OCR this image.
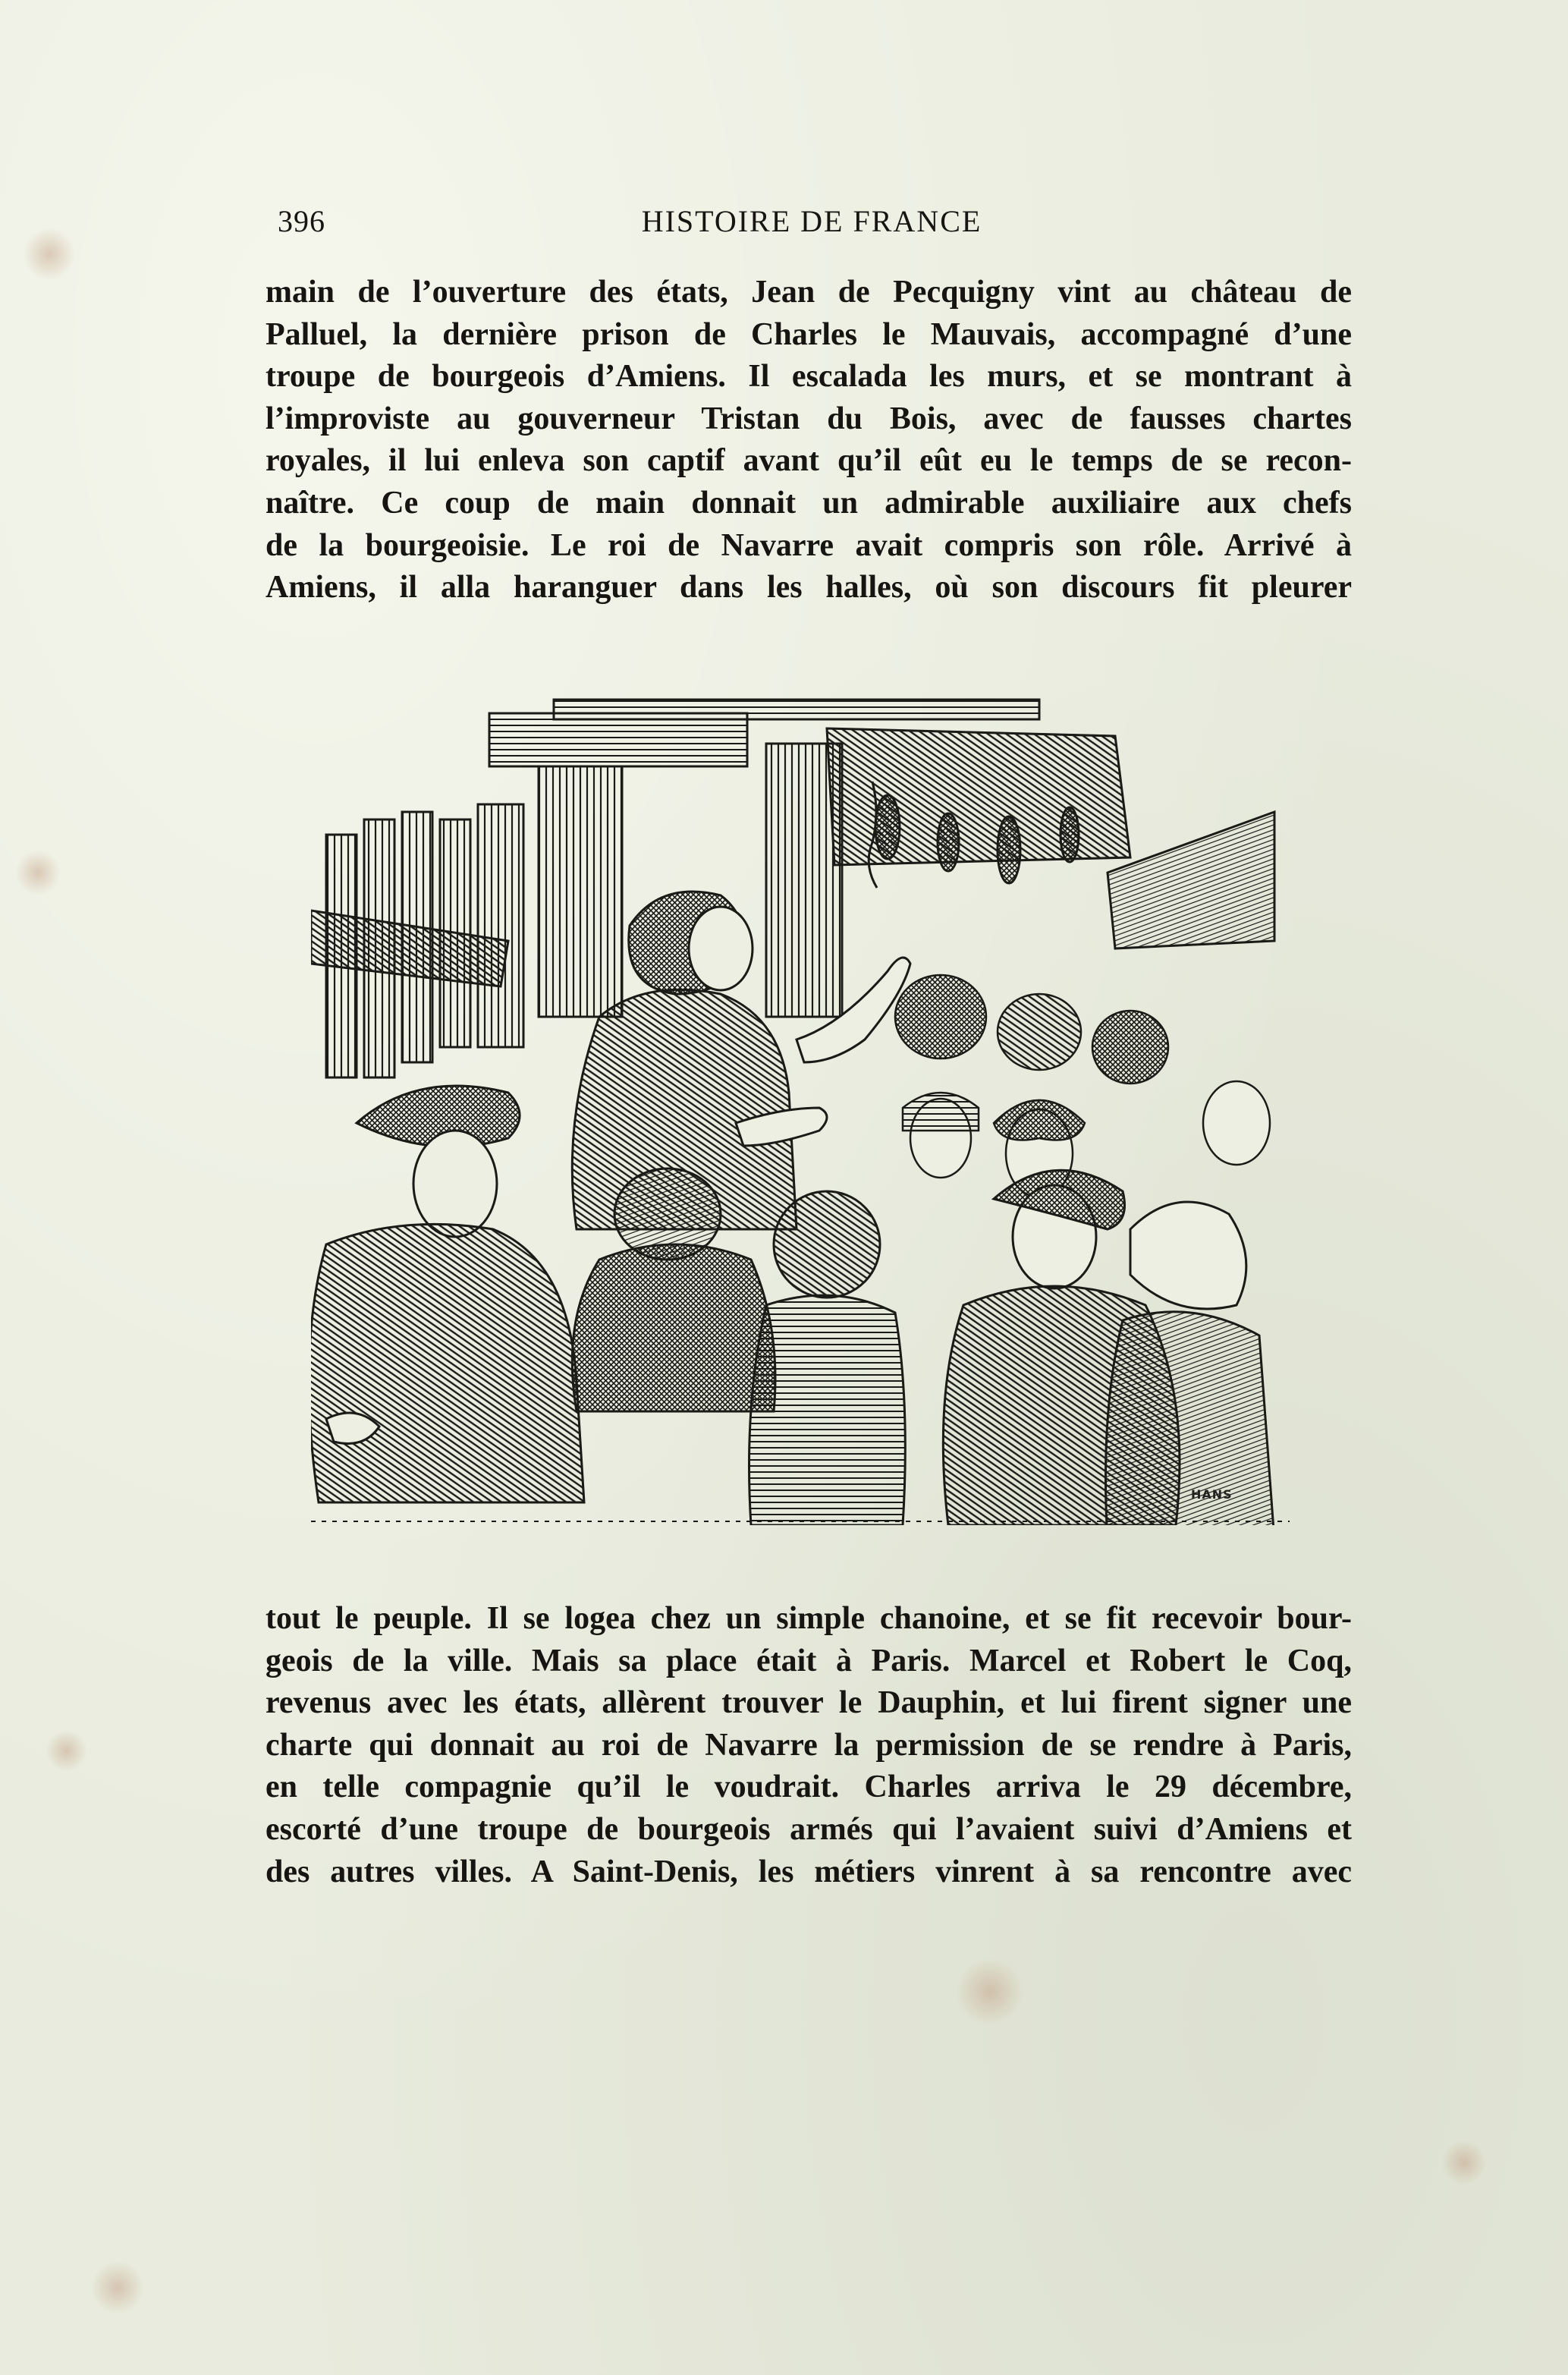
396	HISTOIRE DE FRANCE
main de l’ouverture des états, Jean de Pecquigny vint au château de
Palluel, la dernière prison de Charles le Mauvais, accompagné d’une
troupe de bourgeois d’Amiens. Il escalada les murs, et se montrant à
l’improviste au gouverneur Tristan du Bois, avec de fausses chartes
royales, il lui enleva son captif avant qu’il eût eu le temps de se recon-
naître. Ce coup de main donnait un admirable auxiliaire aux chefs
de la bourgeoisie. Le roi de Navarre avait compris son rôle. Arrivé à
Amiens, il alla haranguer dans les halles, où son discours fit pleurer
HANS
tout le peuple. Il se logea chez un simple chanoine, et se fit recevoir bour-
geois de la ville. Mais sa place était à Paris. Marcel et Robert le Coq,
revenus avec les états, allèrent trouver le Dauphin, et lui firent signer une
charte qui donnait au roi de Navarre la permission de se rendre à Paris,
en telle compagnie qu’il le voudrait. Charles arriva le 29 décembre,
escorté d’une troupe de bourgeois armés qui l’avaient suivi d’Amiens et
des autres villes. A Saint-Denis, les métiers vinrent à sa rencontre avec
